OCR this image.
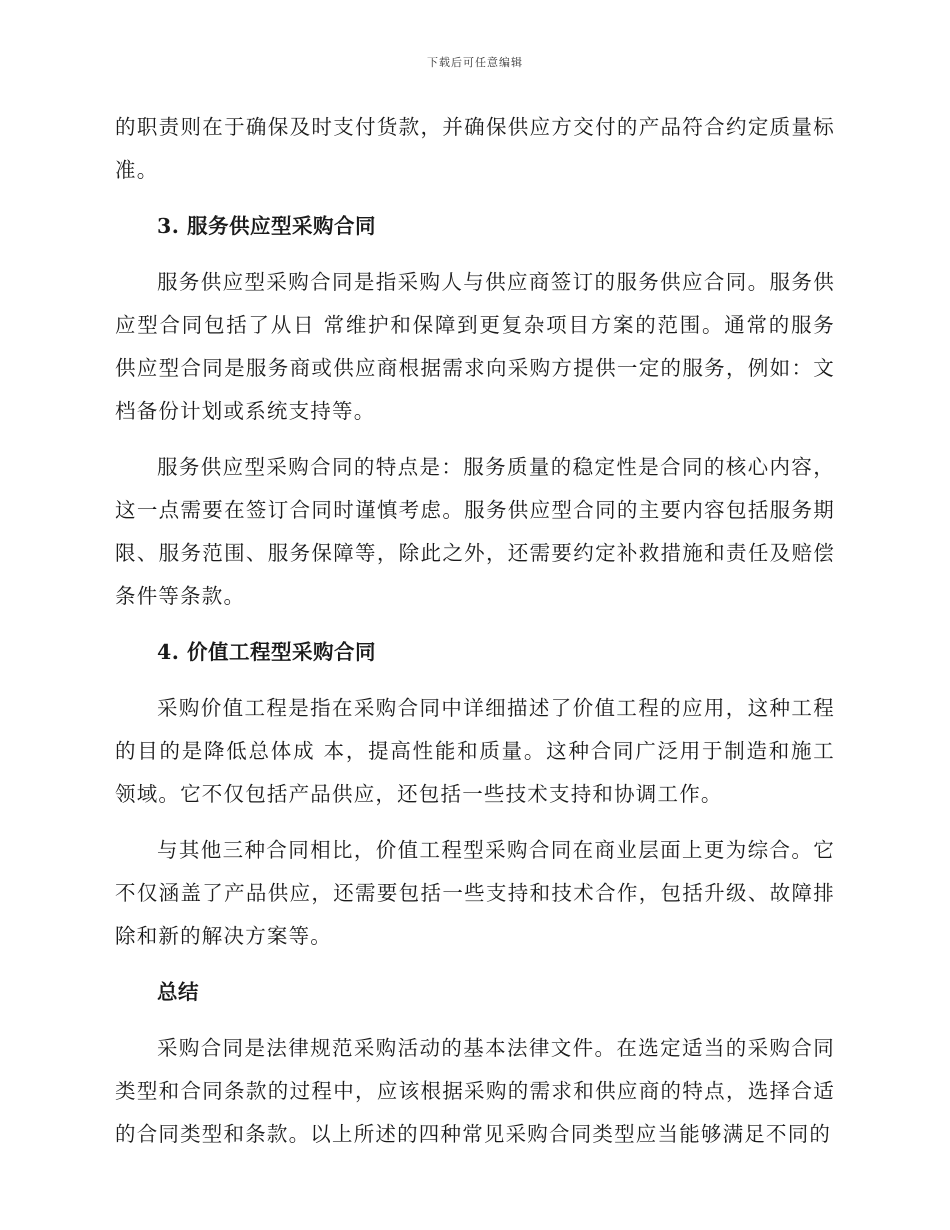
下载后可任意编辑

的职责则在于确保及时支付货款，并确保供应方交付的产品符合约定质量标准。

3. 服务供应型采购合同

服务供应型采购合同是指采购人与供应商签订的服务供应合同。服务供应型合同包括了从日 常维护和保障到更复杂项目方案的范围。通常的服务供应型合同是服务商或供应商根据需求向采购方提供一定的服务，例如：文档备份计划或系统支持等。

服务供应型采购合同的特点是：服务质量的稳定性是合同的核心内容，这一点需要在签订合同时谨慎考虑。服务供应型合同的主要内容包括服务期限、服务范围、服务保障等，除此之外，还需要约定补救措施和责任及赔偿条件等条款。

4. 价值工程型采购合同

采购价值工程是指在采购合同中详细描述了价值工程的应用，这种工程的目的是降低总体成 本，提高性能和质量。这种合同广泛用于制造和施工领域。它不仅包括产品供应，还包括一些技术支持和协调工作。

与其他三种合同相比，价值工程型采购合同在商业层面上更为综合。它不仅涵盖了产品供应，还需要包括一些支持和技术合作，包括升级、故障排除和新的解决方案等。

总结

采购合同是法律规范采购活动的基本法律文件。在选定适当的采购合同类型和合同条款的过程中，应该根据采购的需求和供应商的特点，选择合适的合同类型和条款。以上所述的四种常见采购合同类型应当能够满足不同的
